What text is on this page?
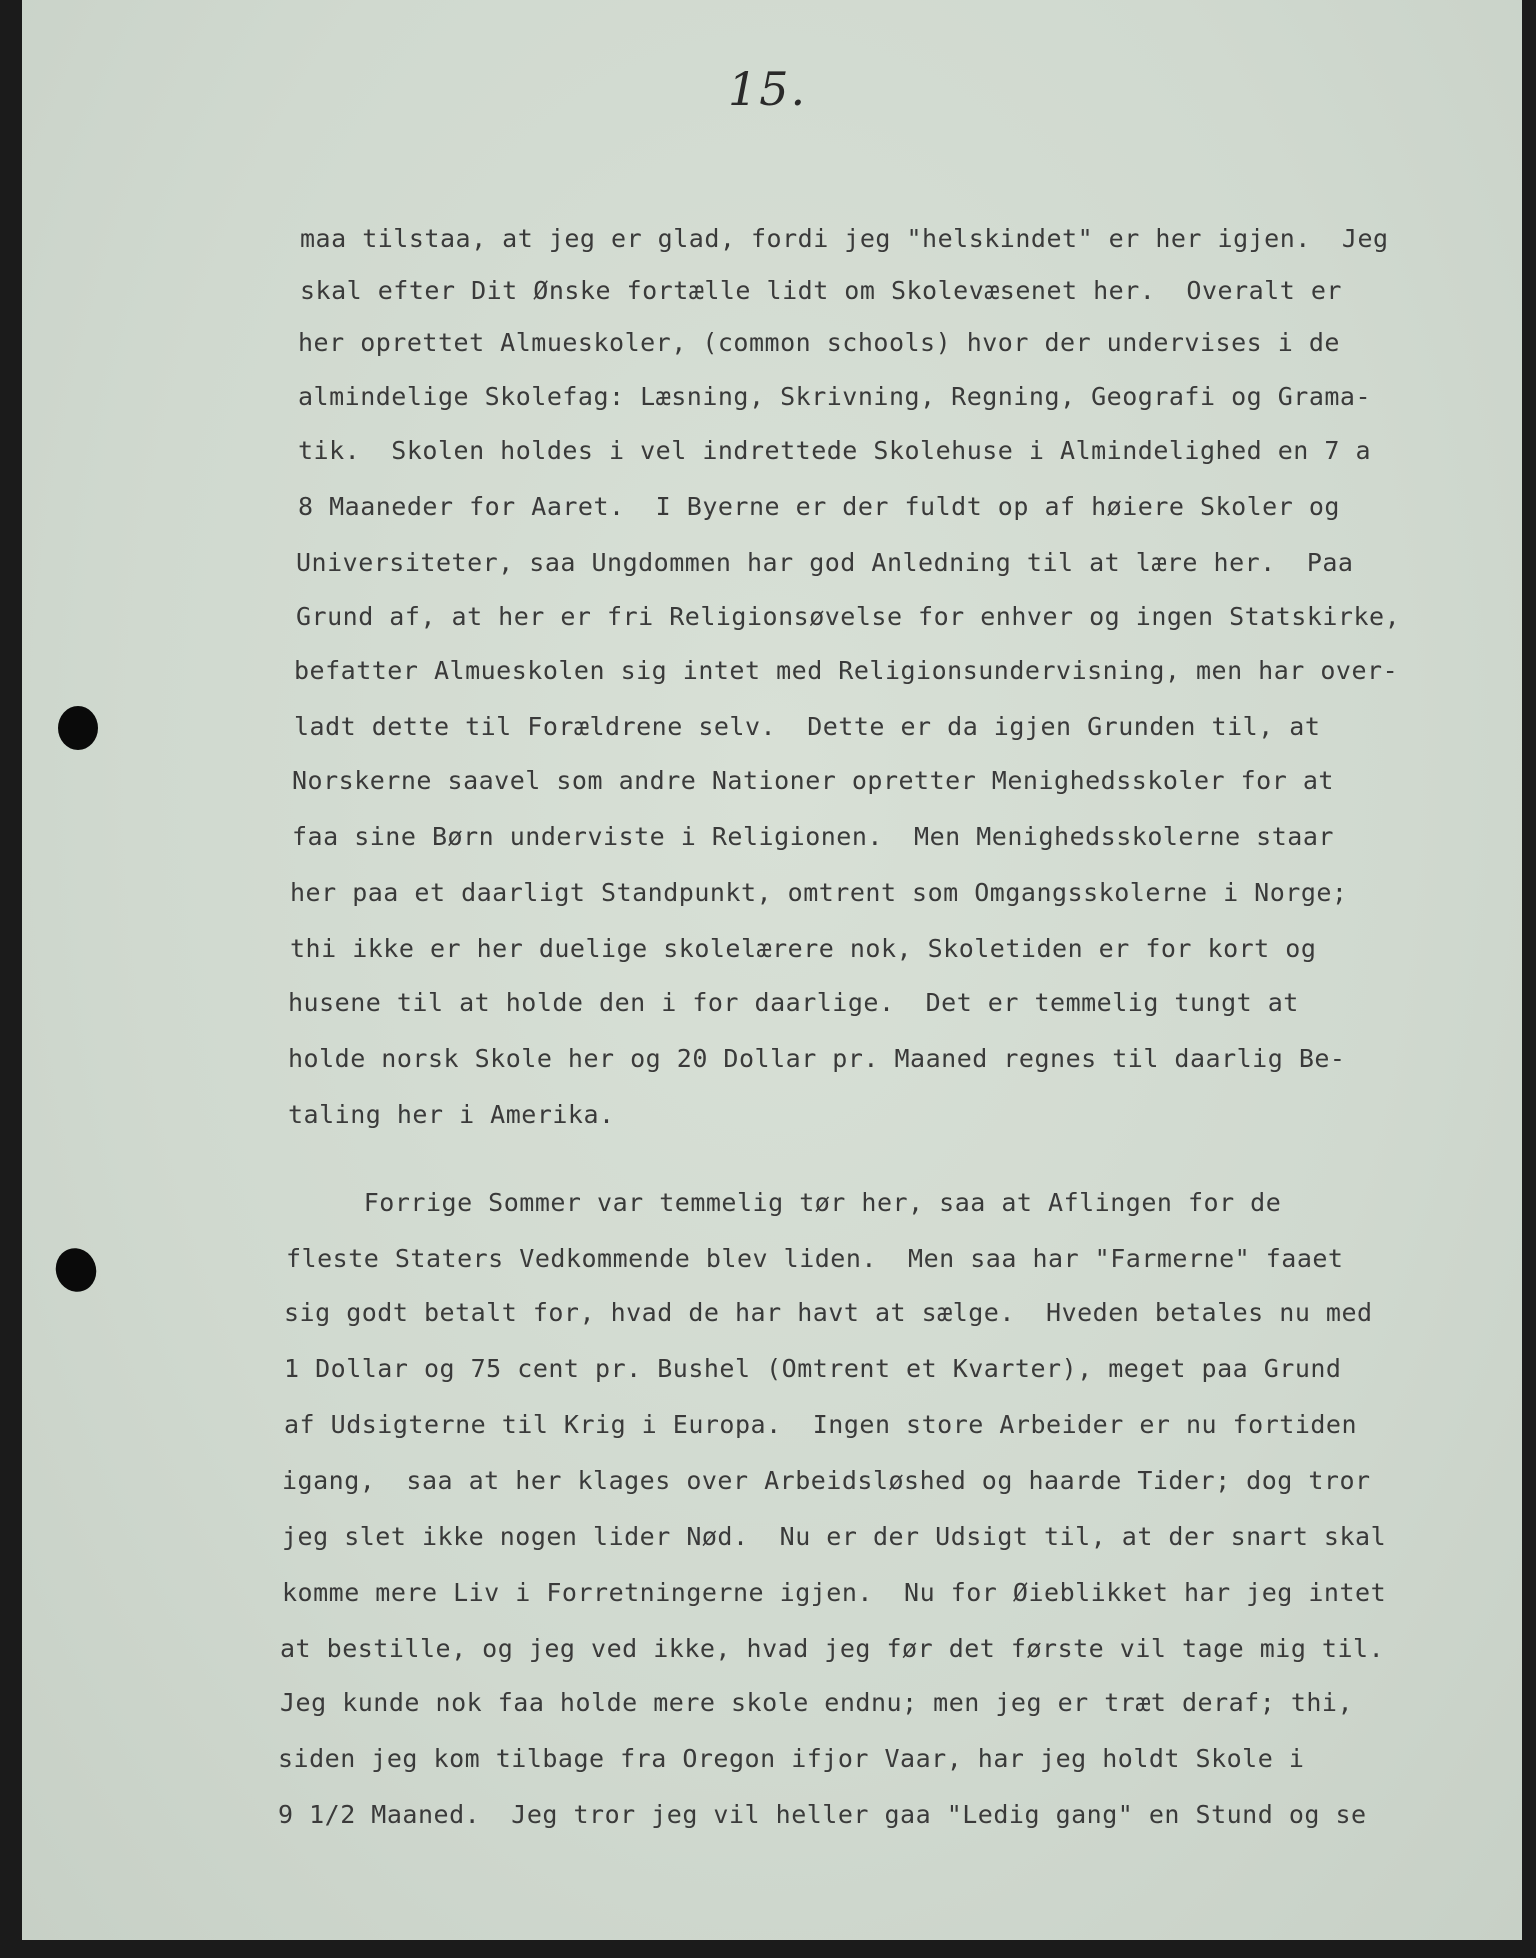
15.
maa tilstaa, at jeg er glad, fordi jeg "helskindet" er her igjen.  Jeg
skal efter Dit Ønske fortælle lidt om Skolevæsenet her.  Overalt er
her oprettet Almueskoler, (common schools) hvor der undervises i de
almindelige Skolefag: Læsning, Skrivning, Regning, Geografi og Grama-
tik.  Skolen holdes i vel indrettede Skolehuse i Almindelighed en 7 a
8 Maaneder for Aaret.  I Byerne er der fuldt op af høiere Skoler og
Universiteter, saa Ungdommen har god Anledning til at lære her.  Paa
Grund af, at her er fri Religionsøvelse for enhver og ingen Statskirke,
befatter Almueskolen sig intet med Religionsundervisning, men har over-
ladt dette til Forældrene selv.  Dette er da igjen Grunden til, at
Norskerne saavel som andre Nationer opretter Menighedsskoler for at
faa sine Børn underviste i Religionen.  Men Menighedsskolerne staar
her paa et daarligt Standpunkt, omtrent som Omgangsskolerne i Norge;
thi ikke er her duelige skolelærere nok, Skoletiden er for kort og
husene til at holde den i for daarlige.  Det er temmelig tungt at
holde norsk Skole her og 20 Dollar pr. Maaned regnes til daarlig Be-
taling her i Amerika.
Forrige Sommer var temmelig tør her, saa at Aflingen for de
fleste Staters Vedkommende blev liden.  Men saa har "Farmerne" faaet
sig godt betalt for, hvad de har havt at sælge.  Hveden betales nu med
1 Dollar og 75 cent pr. Bushel (Omtrent et Kvarter), meget paa Grund
af Udsigterne til Krig i Europa.  Ingen store Arbeider er nu fortiden
igang,  saa at her klages over Arbeidsløshed og haarde Tider; dog tror
jeg slet ikke nogen lider Nød.  Nu er der Udsigt til, at der snart skal
komme mere Liv i Forretningerne igjen.  Nu for Øieblikket har jeg intet
at bestille, og jeg ved ikke, hvad jeg før det første vil tage mig til.
Jeg kunde nok faa holde mere skole endnu; men jeg er træt deraf; thi,
siden jeg kom tilbage fra Oregon ifjor Vaar, har jeg holdt Skole i
9 1/2 Maaned.  Jeg tror jeg vil heller gaa "Ledig gang" en Stund og se
